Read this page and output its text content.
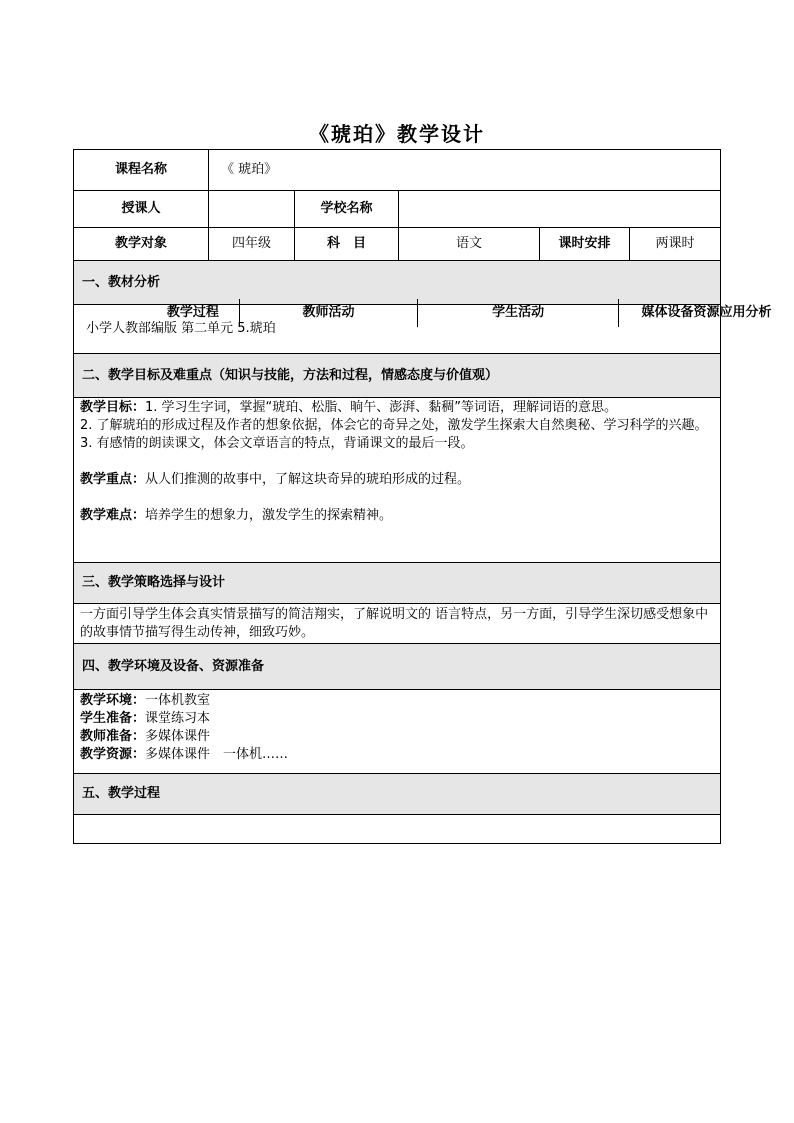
《琥珀》教学设计
课程名称	《 琥珀》
授课人		学校名称	
教学对象	四年级	科　目	语文	课时安排	两课时
一、教材分析
小学人教部编版 第二单元 5.琥珀
二、教学目标及难重点（知识与技能，方法和过程，情感态度与价值观）

教学目标：1. 学习生字词，掌握“琥珀、松脂、晌午、澎湃、黏稠”等词语，理解词语的意思。

2. 了解琥珀的形成过程及作者的想象依据，体会它的奇异之处，激发学生探索大自然奥秘、学习科学的兴趣。

3. 有感情的朗读课文，体会文章语言的特点，背诵课文的最后一段。

教学重点：从人们推测的故事中，了解这块奇异的琥珀形成的过程。

教学难点：培养学生的想象力，激发学生的探索精神。

三、教学策略选择与设计
一方面引导学生体会真实情景描写的简洁翔实，了解说明文的 语言特点，另一方面，引导学生深切感受想象中的故事情节描写得生动传神，细致巧妙。
四、教学环境及设备、资源准备

教学环境：一体机教室

学生准备：课堂练习本

教师准备：多媒体课件

教学资源：多媒体课件　一体机……

五、教学过程

教学过程	教师活动	学生活动	媒体设备资源应用分析
